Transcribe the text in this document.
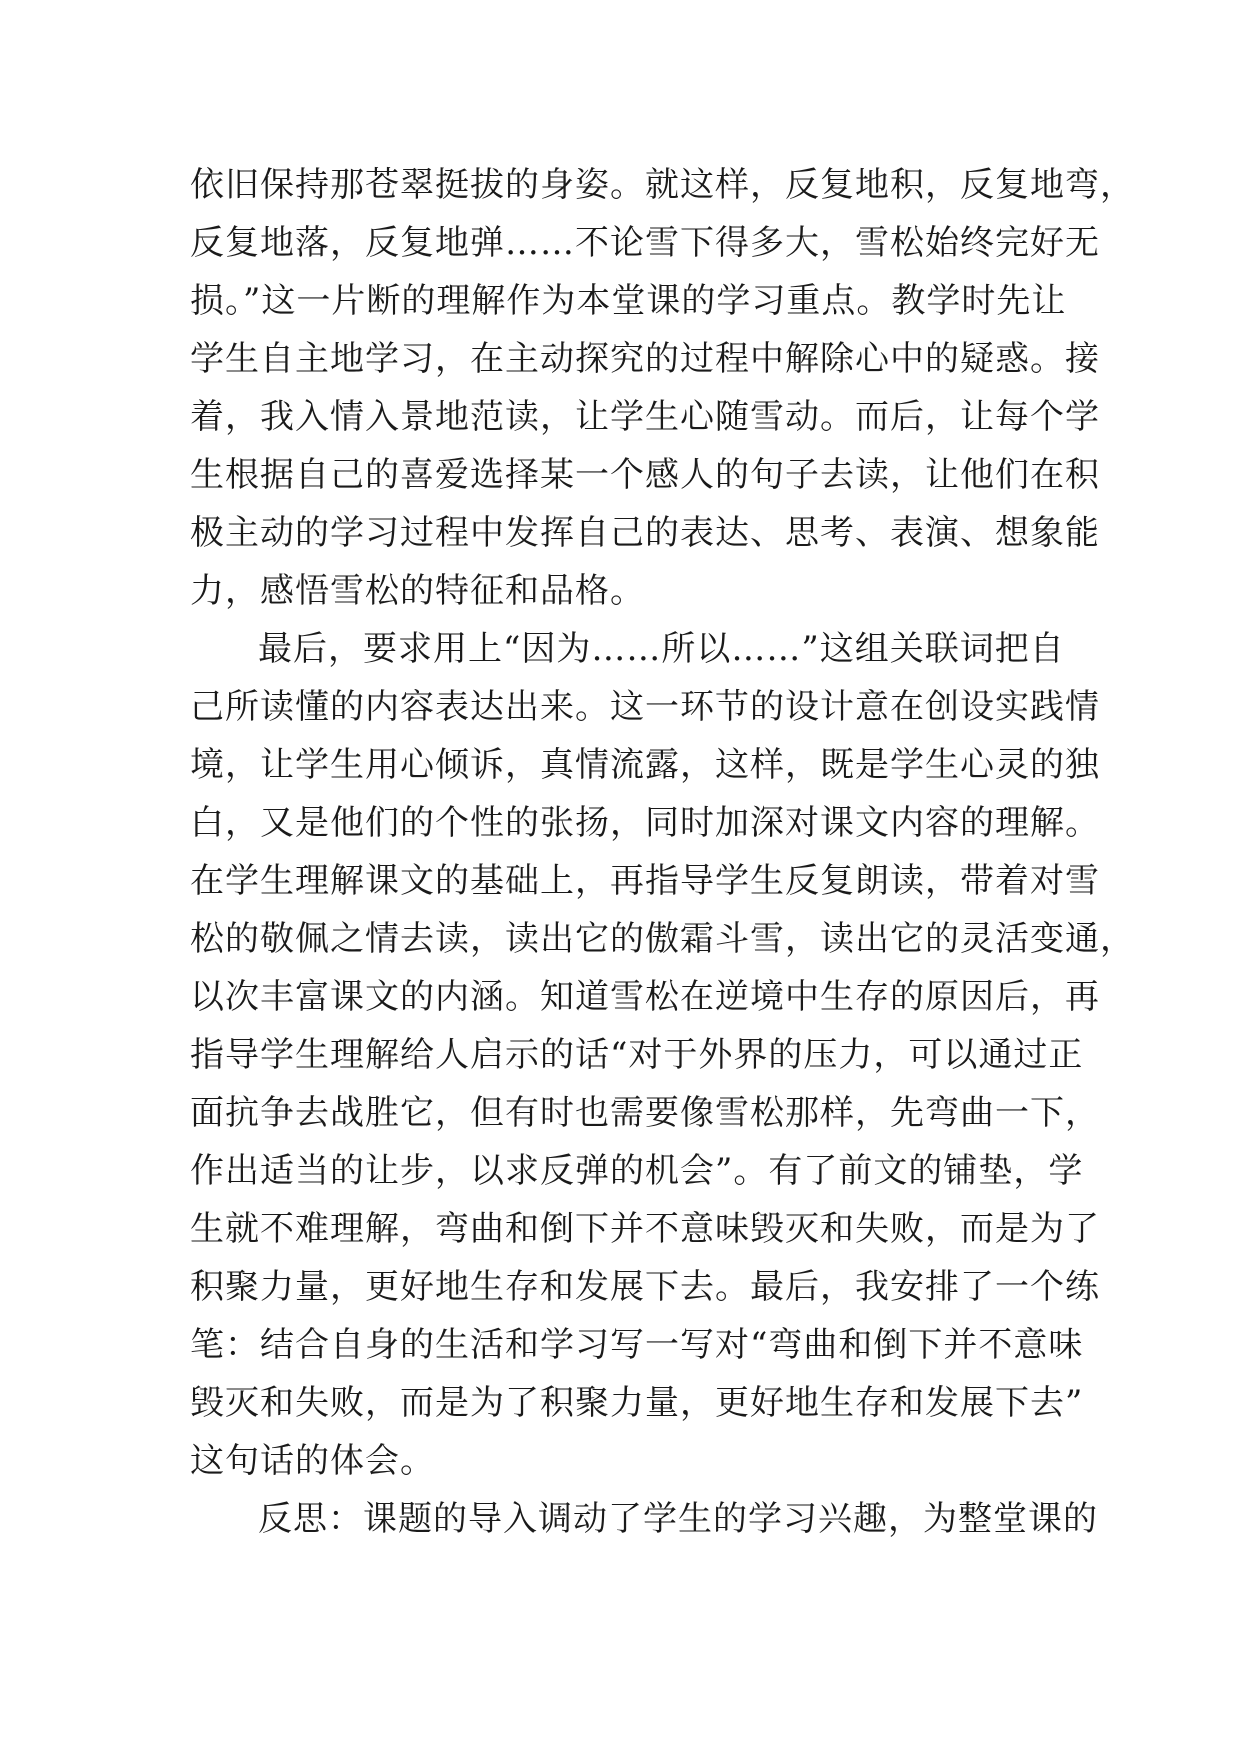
依旧保持那苍翠挺拔的身姿。就这样，反复地积，反复地弯，
反复地落，反复地弹……不论雪下得多大，雪松始终完好无
损。”这一片断的理解作为本堂课的学习重点。教学时先让
学生自主地学习，在主动探究的过程中解除心中的疑惑。接
着，我入情入景地范读，让学生心随雪动。而后，让每个学
生根据自己的喜爱选择某一个感人的句子去读，让他们在积
极主动的学习过程中发挥自己的表达、思考、表演、想象能
力，感悟雪松的特征和品格。
最后，要求用上“因为……所以……”这组关联词把自
己所读懂的内容表达出来。这一环节的设计意在创设实践情
境，让学生用心倾诉，真情流露，这样，既是学生心灵的独
白，又是他们的个性的张扬，同时加深对课文内容的理解。
在学生理解课文的基础上，再指导学生反复朗读，带着对雪
松的敬佩之情去读，读出它的傲霜斗雪，读出它的灵活变通，
以次丰富课文的内涵。知道雪松在逆境中生存的原因后，再
指导学生理解给人启示的话“对于外界的压力，可以通过正
面抗争去战胜它，但有时也需要像雪松那样，先弯曲一下，
作出适当的让步，以求反弹的机会”。有了前文的铺垫，学
生就不难理解，弯曲和倒下并不意味毁灭和失败，而是为了
积聚力量，更好地生存和发展下去。最后，我安排了一个练
笔：结合自身的生活和学习写一写对“弯曲和倒下并不意味
毁灭和失败，而是为了积聚力量，更好地生存和发展下去”
这句话的体会。
反思：课题的导入调动了学生的学习兴趣，为整堂课的
